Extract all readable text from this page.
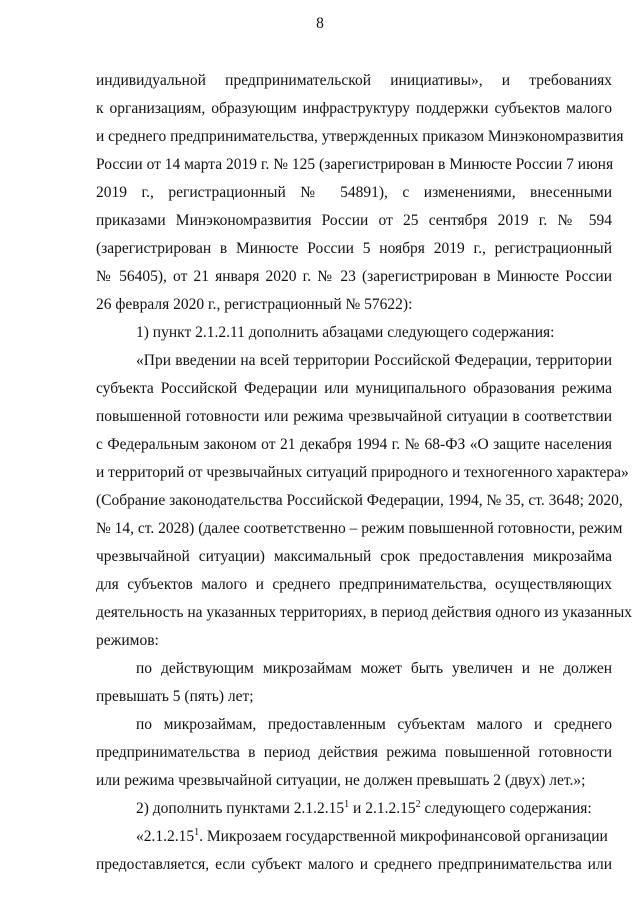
8
индивидуальной предпринимательской инициативы», и требованиях
к организациям, образующим инфраструктуру поддержки субъектов малого
и среднего предпринимательства, утвержденных приказом Минэкономразвития
России от 14 марта 2019 г. № 125 (зарегистрирован в Минюсте России 7 июня
2019 г., регистрационный № 54891), с изменениями, внесенными
приказами Минэкономразвития России от 25 сентября 2019 г. № 594
(зарегистрирован в Минюсте России 5 ноября 2019 г., регистрационный
№ 56405), от 21 января 2020 г. № 23 (зарегистрирован в Минюсте России
26 февраля 2020 г., регистрационный № 57622):
1) пункт 2.1.2.11 дополнить абзацами следующего содержания:
«При введении на всей территории Российской Федерации, территории
субъекта Российской Федерации или муниципального образования режима
повышенной готовности или режима чрезвычайной ситуации в соответствии
с Федеральным законом от 21 декабря 1994 г. № 68-ФЗ «О защите населения
и территорий от чрезвычайных ситуаций природного и техногенного характера»
(Собрание законодательства Российской Федерации, 1994, № 35, ст. 3648; 2020,
№ 14, ст. 2028) (далее соответственно – режим повышенной готовности, режим
чрезвычайной ситуации) максимальный срок предоставления микрозайма
для субъектов малого и среднего предпринимательства, осуществляющих
деятельность на указанных территориях, в период действия одного из указанных
режимов:
по действующим микрозаймам может быть увеличен и не должен
превышать 5 (пять) лет;
по микрозаймам, предоставленным субъектам малого и среднего
предпринимательства в период действия режима повышенной готовности
или режима чрезвычайной ситуации, не должен превышать 2 (двух) лет.»;
2) дополнить пунктами 2.1.2.15$^1$ и 2.1.2.15$^2$ следующего содержания:
«2.1.2.15$^1$. Микрозаем государственной микрофинансовой организации
предоставляется, если субъект малого и среднего предпринимательства или
